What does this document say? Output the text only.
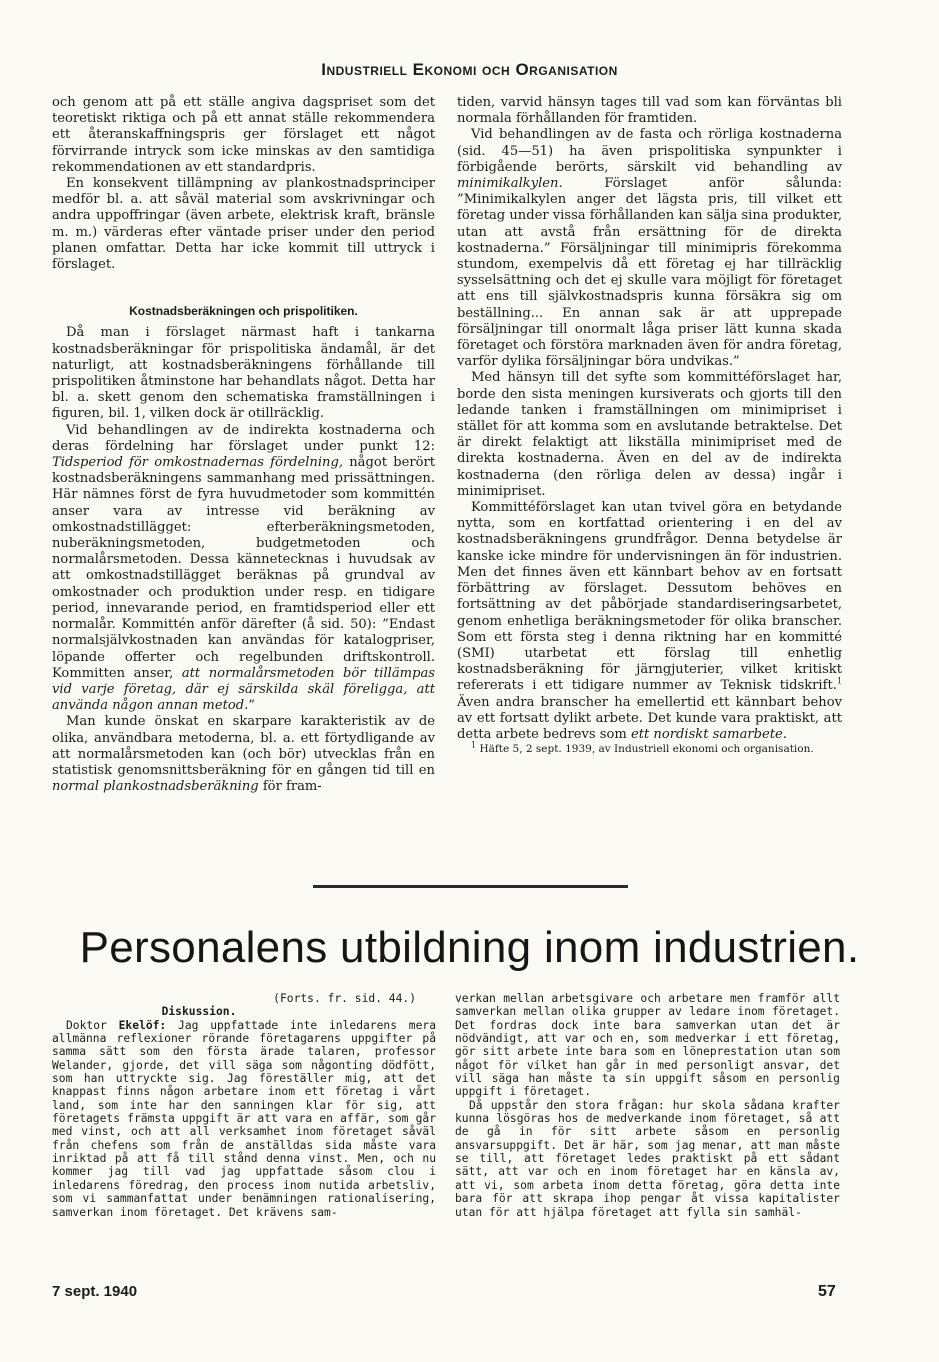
Industriell Ekonomi och Organisation

och genom att på ett ställe angiva dagspriset som det teoretiskt riktiga och på ett annat ställe rekommendera ett återanskaffningspris ger förslaget ett något förvirrande intryck som icke minskas av den samtidiga rekommendationen av ett standardpris.

En konsekvent tillämpning av plankostnadsprinciper medför bl. a. att såväl material som avskrivningar och andra uppoffringar (även arbete, elektrisk kraft, bränsle m. m.) värderas efter väntade priser under den period planen omfattar. Detta har icke kommit till uttryck i förslaget.

Kostnadsberäkningen och prispolitiken.

Då man i förslaget närmast haft i tankarna kostnadsberäkningar för prispolitiska ändamål, är det naturligt, att kostnadsberäkningens förhållande till prispolitiken åtminstone har behandlats något. Detta har bl. a. skett genom den schematiska framställningen i figuren, bil. 1, vilken dock är otillräcklig.

Vid behandlingen av de indirekta kostnaderna och deras fördelning har förslaget under punkt 12: Tidsperiod för omkostnadernas fördelning, något berört kostnadsberäkningens sammanhang med prissättningen. Här nämnes först de fyra huvudmetoder som kommittén anser vara av intresse vid beräkning av omkostnadstillägget: efterberäkningsmetoden, nuberäkningsmetoden, budgetmetoden och normalårsmetoden. Dessa kännetecknas i huvudsak av att omkostnadstillägget beräknas på grundval av omkostnader och produktion under resp. en tidigare period, innevarande period, en framtidsperiod eller ett normalår. Kommittén anför därefter (å sid. 50): ”Endast normalsjälvkostnaden kan användas för katalogpriser, löpande offerter och regelbunden driftskontroll. Kommitten anser, att normalårsmetoden bör tillämpas vid varje företag, där ej särskilda skäl föreligga, att använda någon annan metod.”

Man kunde önskat en skarpare karakteristik av de olika, användbara metoderna, bl. a. ett förtydligande av att normalårsmetoden kan (och bör) utvecklas från en statistisk genomsnittsberäkning för en gången tid till en normal plankostnadsberäkning för fram-

tiden, varvid hänsyn tages till vad som kan förväntas bli normala förhållanden för framtiden.

Vid behandlingen av de fasta och rörliga kostnaderna (sid. 45—51) ha även prispolitiska synpunkter i förbigående berörts, särskilt vid behandling av minimikalkylen. Förslaget anför sålunda: ”Minimikalkylen anger det lägsta pris, till vilket ett företag under vissa förhållanden kan sälja sina produkter, utan att avstå från ersättning för de direkta kostnaderna.” Försäljningar till minimipris förekomma stundom, exempelvis då ett företag ej har tillräcklig sysselsättning och det ej skulle vara möjligt för företaget att ens till självkostnadspris kunna försäkra sig om beställning... En annan sak är att upprepade försäljningar till onormalt låga priser lätt kunna skada företaget och förstöra marknaden även för andra företag, varför dylika försäljningar böra undvikas.”

Med hänsyn till det syfte som kommittéförslaget har, borde den sista meningen kursiverats och gjorts till den ledande tanken i framställningen om minimipriset i stället för att komma som en avslutande betraktelse. Det är direkt felaktigt att likställa minimipriset med de direkta kostnaderna. Även en del av de indirekta kostnaderna (den rörliga delen av dessa) ingår i minimipriset.

Kommittéförslaget kan utan tvivel göra en betydande nytta, som en kortfattad orientering i en del av kostnadsberäkningens grundfrågor. Denna betydelse är kanske icke mindre för undervisningen än för industrien. Men det finnes även ett kännbart behov av en fortsatt förbättring av förslaget. Dessutom behöves en fortsättning av det påbörjade standardiseringsarbetet, genom enhetliga beräkningsmetoder för olika branscher. Som ett första steg i denna riktning har en kommitté (SMI) utarbetat ett förslag till enhetlig kostnadsberäkning för järngjuterier, vilket kritiskt refererats i ett tidigare nummer av Teknisk tidskrift.$^1$ Även andra branscher ha emellertid ett kännbart behov av ett fortsatt dylikt arbete. Det kunde vara praktiskt, att detta arbete bedrevs som ett nordiskt samarbete.

$^1$ Häfte 5, 2 sept. 1939, av Industriell ekonomi och organisation.

Personalens utbildning inom industrien.

(Forts. fr. sid. 44.)

Diskussion.

Doktor Ekelöf: Jag uppfattade inte inledarens mera allmänna reflexioner rörande företagarens uppgifter på samma sätt som den första ärade talaren, professor Welander, gjorde, det vill säga som någonting dödfött, som han uttryckte sig. Jag föreställer mig, att det knappast finns någon arbetare inom ett företag i vårt land, som inte har den sanningen klar för sig, att företagets främsta uppgift är att vara en affär, som går med vinst, och att all verksamhet inom företaget såväl från chefens som från de anställdas sida måste vara inriktad på att få till stånd denna vinst. Men, och nu kommer jag till vad jag uppfattade såsom clou i inledarens föredrag, den process inom nutida arbetsliv, som vi sammanfattat under benämningen rationalisering, samverkan inom företaget. Det krävens sam-

verkan mellan arbetsgivare och arbetare men framför allt samverkan mellan olika grupper av ledare inom företaget. Det fordras dock inte bara samverkan utan det är nödvändigt, att var och en, som medverkar i ett företag, gör sitt arbete inte bara som en löneprestation utan som något för vilket han går in med personligt ansvar, det vill säga han måste ta sin uppgift såsom en personlig uppgift i företaget.

Då uppstår den stora frågan: hur skola sådana krafter kunna lösgöras hos de medverkande inom företaget, så att de gå in för sitt arbete såsom en personlig ansvarsuppgift. Det är här, som jag menar, att man måste se till, att företaget ledes praktiskt på ett sådant sätt, att var och en inom företaget har en känsla av, att vi, som arbeta inom detta företag, göra detta inte bara för att skrapa ihop pengar åt vissa kapitalister utan för att hjälpa företaget att fylla sin samhäl-

7 sept. 1940	57
